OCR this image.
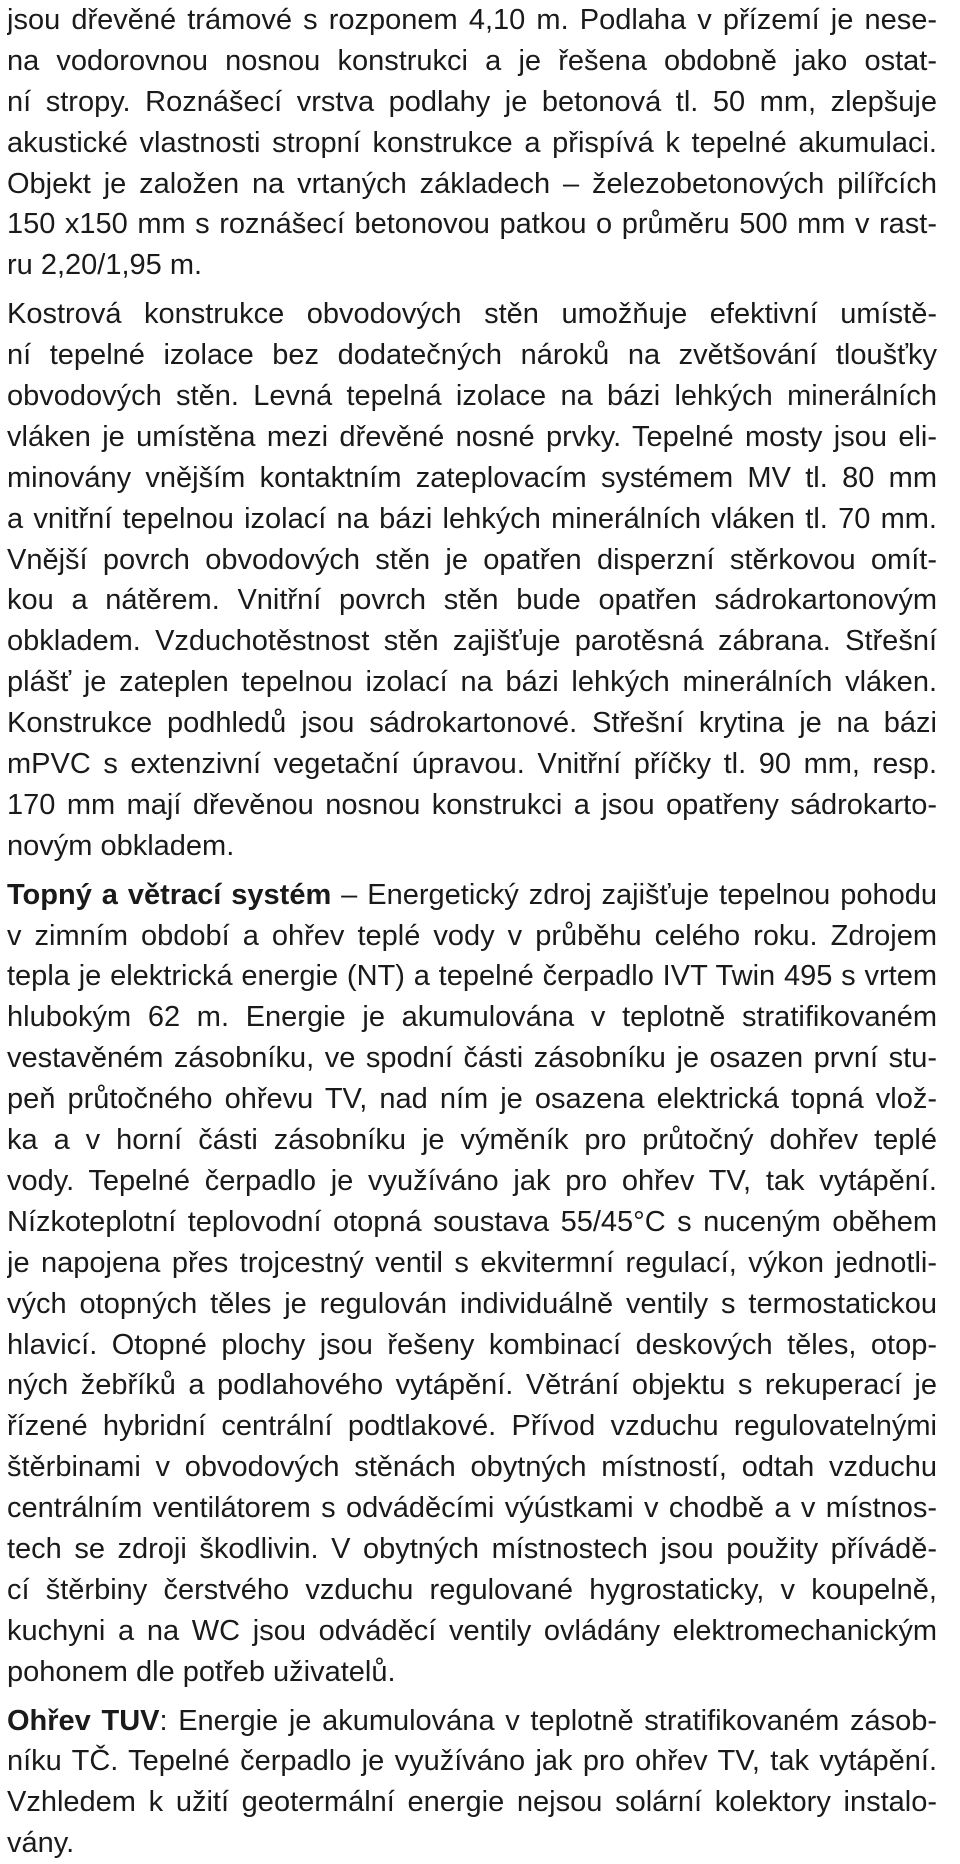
jsou dřevěné trámové s rozponem 4,10 m. Podlaha v přízemí je nese-
na vodorovnou nosnou konstrukci a je řešena obdobně jako ostat-
ní stropy. Roznášecí vrstva podlahy je betonová tl. 50 mm, zlepšuje
akustické vlastnosti stropní konstrukce a přispívá k tepelné akumulaci.
Objekt je založen na vrtaných základech – železobetonových pilířcích
150 x150 mm s roznášecí betonovou patkou o průměru 500 mm v rast-
ru 2,20/1,95 m.
Kostrová konstrukce obvodových stěn umožňuje efektivní umístě-
ní tepelné izolace bez dodatečných nároků na zvětšování tloušťky
obvodových stěn. Levná tepelná izolace na bázi lehkých minerálních
vláken je umístěna mezi dřevěné nosné prvky. Tepelné mosty jsou eli-
minovány vnějším kontaktním zateplovacím systémem MV tl. 80 mm
a vnitřní tepelnou izolací na bázi lehkých minerálních vláken tl. 70 mm.
Vnější povrch obvodových stěn je opatřen disperzní stěrkovou omít-
kou a nátěrem. Vnitřní povrch stěn bude opatřen sádrokartonovým
obkladem. Vzduchotěstnost stěn zajišťuje parotěsná zábrana. Střešní
plášť je zateplen tepelnou izolací na bázi lehkých minerálních vláken.
Konstrukce podhledů jsou sádrokartonové. Střešní krytina je na bázi
mPVC s extenzivní vegetační úpravou. Vnitřní příčky tl. 90 mm, resp.
170 mm mají dřevěnou nosnou konstrukci a jsou opatřeny sádrokarto-
novým obkladem.
Topný a větrací systém – Energetický zdroj zajišťuje tepelnou pohodu
v zimním období a ohřev teplé vody v průběhu celého roku. Zdrojem
tepla je elektrická energie (NT) a tepelné čerpadlo IVT Twin 495 s vrtem
hlubokým 62 m. Energie je akumulována v teplotně stratifikovaném
vestavěném zásobníku, ve spodní části zásobníku je osazen první stu-
peň průtočného ohřevu TV, nad ním je osazena elektrická topná vlož-
ka a v horní části zásobníku je výměník pro průtočný dohřev teplé
vody. Tepelné čerpadlo je využíváno jak pro ohřev TV, tak vytápění.
Nízkoteplotní teplovodní otopná soustava 55/45°C s nuceným oběhem
je napojena přes trojcestný ventil s ekvitermní regulací, výkon jednotli-
vých otopných těles je regulován individuálně ventily s termostatickou
hlavicí. Otopné plochy jsou řešeny kombinací deskových těles, otop-
ných žebříků a podlahového vytápění. Větrání objektu s rekuperací je
řízené hybridní centrální podtlakové. Přívod vzduchu regulovatelnými
štěrbinami v obvodových stěnách obytných místností, odtah vzduchu
centrálním ventilátorem s odváděcími výústkami v chodbě a v místnos-
tech se zdroji škodlivin. V obytných místnostech jsou použity přívádě-
cí štěrbiny čerstvého vzduchu regulované hygrostaticky, v koupelně,
kuchyni a na WC jsou odváděcí ventily ovládány elektromechanickým
pohonem dle potřeb uživatelů.
Ohřev TUV: Energie je akumulována v teplotně stratifikovaném zásob-
níku TČ. Tepelné čerpadlo je využíváno jak pro ohřev TV, tak vytápění.
Vzhledem k užití geotermální energie nejsou solární kolektory instalo-
vány.
